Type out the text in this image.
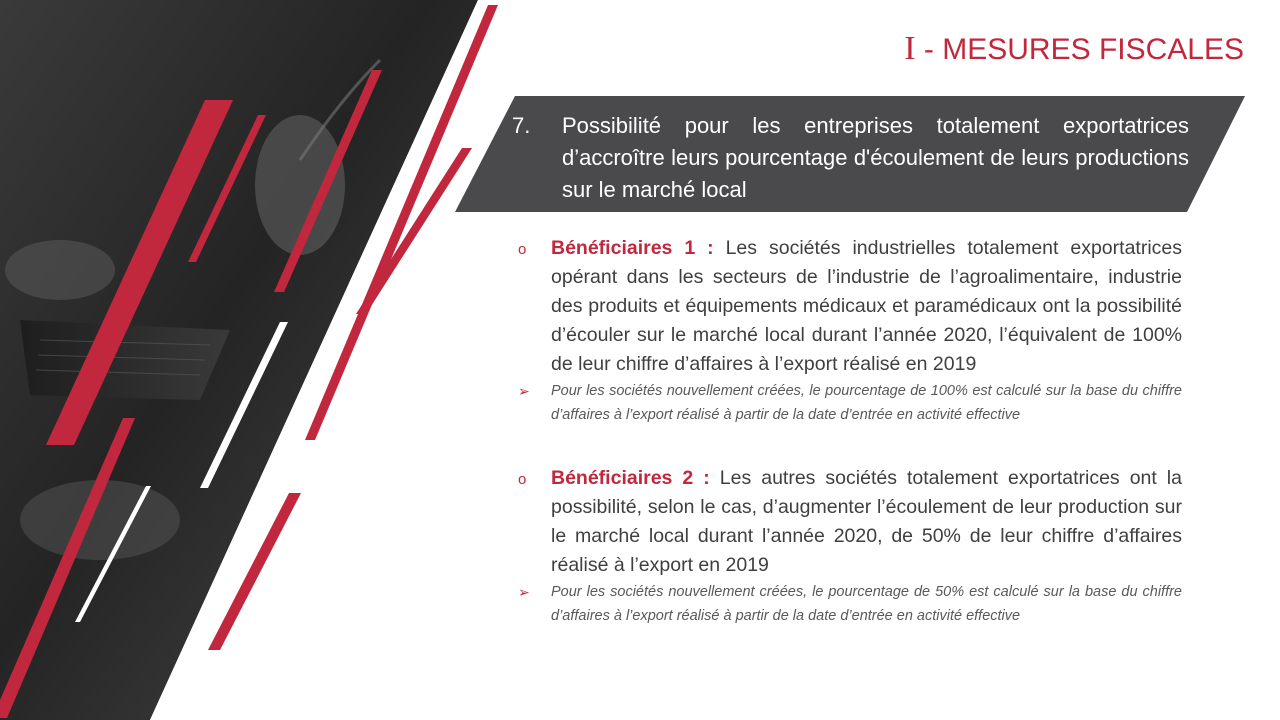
I - MESURES FISCALES
7.	Possibilité pour les entreprises totalement exportatrices d’accroître leurs pourcentage d'écoulement de leurs productions sur le marché local
o	Bénéficiaires 1 : Les sociétés industrielles totalement exportatrices opérant dans les secteurs de l’industrie de l’agroalimentaire, industrie des produits et équipements médicaux et paramédicaux ont la possibilité d’écouler sur le marché local durant l’année 2020, l’équivalent de 100% de leur chiffre d’affaires à l’export réalisé en 2019
➢	Pour les sociétés nouvellement créées, le pourcentage de 100% est calculé sur la base du chiffre d’affaires à l’export réalisé à partir de la date d’entrée en activité effective
o	Bénéficiaires 2 : Les autres sociétés totalement exportatrices ont la possibilité, selon le cas, d’augmenter l’écoulement de leur production sur le marché local durant l’année 2020, de 50% de leur chiffre d’affaires réalisé à l’export en 2019
➢	Pour les sociétés nouvellement créées, le pourcentage de 50% est calculé sur la base du chiffre d’affaires à l’export réalisé à partir de la date d’entrée en activité effective
